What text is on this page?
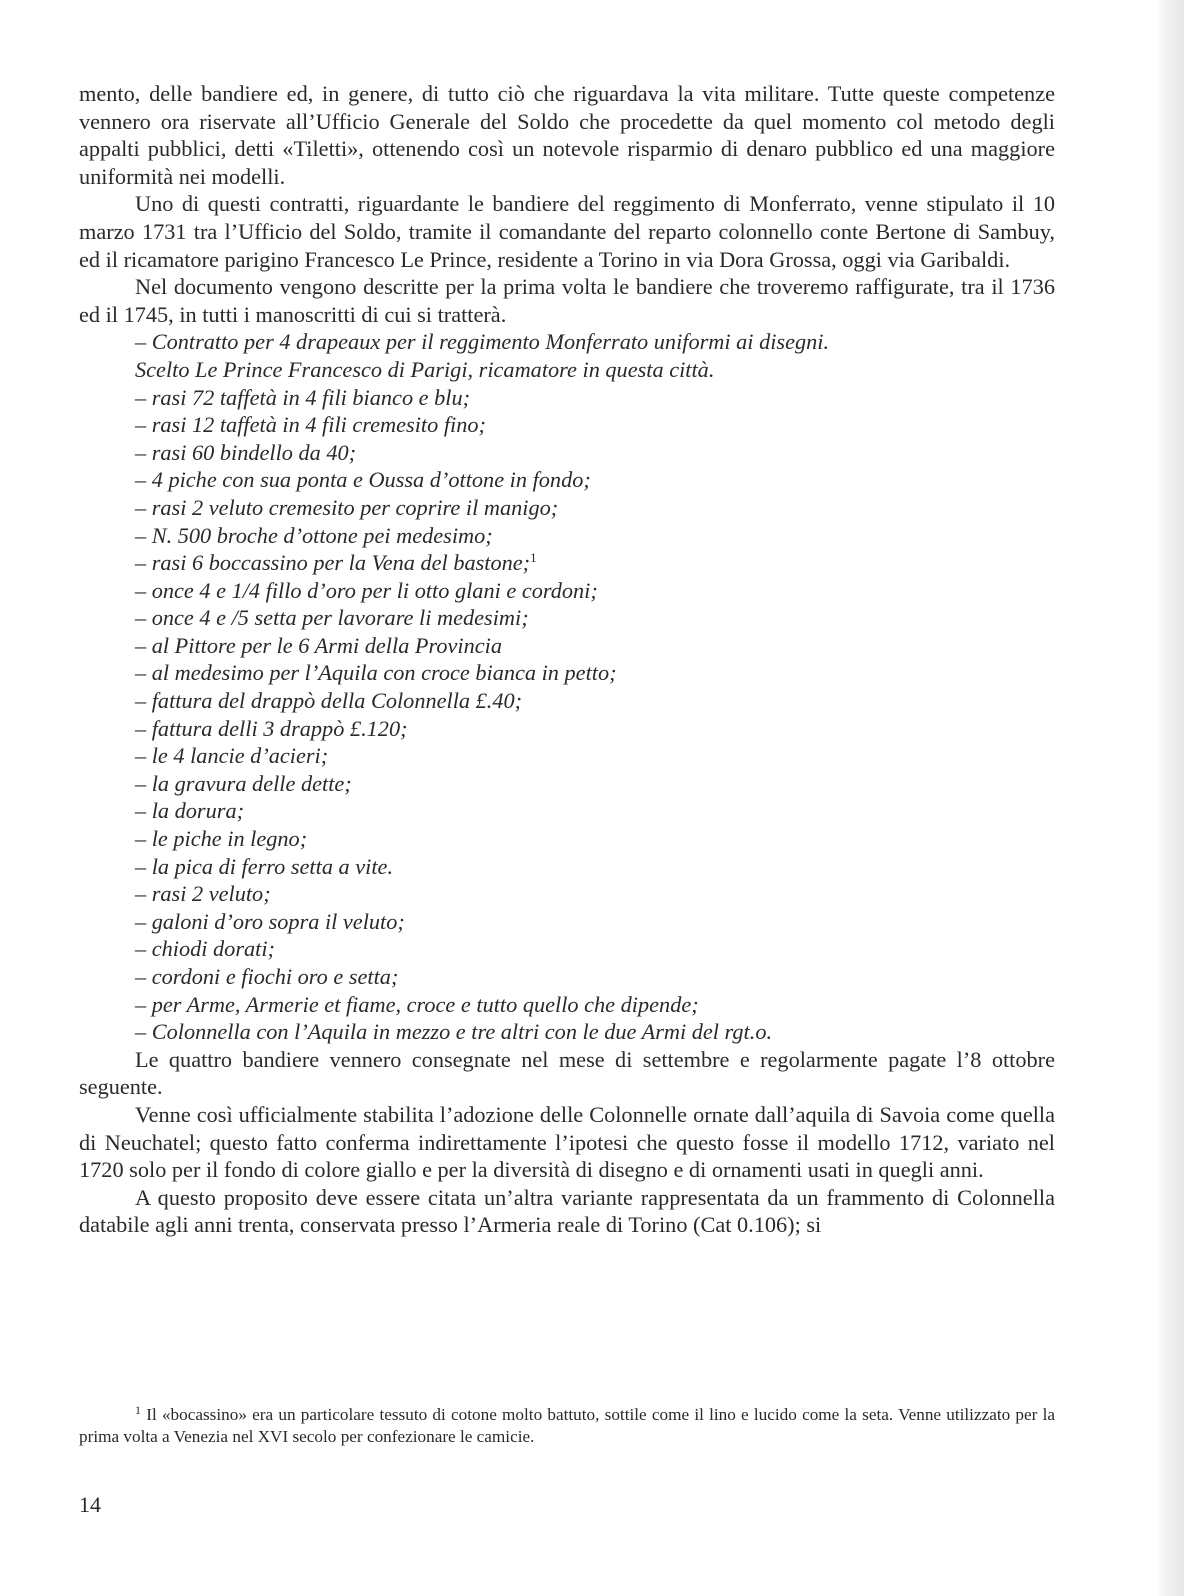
mento, delle bandiere ed, in genere, di tutto ciò che riguardava la vita militare. Tutte queste competenze vennero ora riservate all’Ufficio Generale del Soldo che procedette da quel momento col metodo degli appalti pubblici, detti «Tiletti», ottenendo così un notevole risparmio di denaro pubblico ed una maggiore uniformità nei modelli.

Uno di questi contratti, riguardante le bandiere del reggimento di Monferrato, venne stipulato il 10 marzo 1731 tra l’Ufficio del Soldo, tramite il comandante del reparto colonnello conte Bertone di Sambuy, ed il ricamatore parigino Francesco Le Prince, residente a Torino in via Dora Grossa, oggi via Garibaldi.

Nel documento vengono descritte per la prima volta le bandiere che troveremo raffigurate, tra il 1736 ed il 1745, in tutti i manoscritti di cui si tratterà.

– Contratto per 4 drapeaux per il reggimento Monferrato uniformi ai disegni.
Scelto Le Prince Francesco di Parigi, ricamatore in questa città.
– rasi 72 taffetà in 4 fili bianco e blu;
– rasi 12 taffetà in 4 fili cremesito fino;
– rasi 60 bindello da 40;
– 4 piche con sua ponta e Oussa d’ottone in fondo;
– rasi 2 veluto cremesito per coprire il manigo;
– N. 500 broche d’ottone pei medesimo;
– rasi 6 boccassino per la Vena del bastone;$^1$
– once 4 e 1/4 fillo d’oro per li otto glani e cordoni;
– once 4 e /5 setta per lavorare li medesimi;
– al Pittore per le 6 Armi della Provincia
– al medesimo per l’Aquila con croce bianca in petto;
– fattura del drappò della Colonnella £.40;
– fattura delli 3 drappò £.120;
– le 4 lancie d’acieri;
– la gravura delle dette;
– la dorura;
– le piche in legno;
– la pica di ferro setta a vite.
– rasi 2 veluto;
– galoni d’oro sopra il veluto;
– chiodi dorati;
– cordoni e fiochi oro e setta;
– per Arme, Armerie et fiame, croce e tutto quello che dipende;
– Colonnella con l’Aquila in mezzo e tre altri con le due Armi del rgt.o.

Le quattro bandiere vennero consegnate nel mese di settembre e regolarmente pagate l’8 ottobre seguente.

Venne così ufficialmente stabilita l’adozione delle Colonnelle ornate dall’aquila di Savoia come quella di Neuchatel; questo fatto conferma indirettamente l’ipotesi che questo fosse il modello 1712, variato nel 1720 solo per il fondo di colore giallo e per la diversità di disegno e di ornamenti usati in quegli anni.

A questo proposito deve essere citata un’altra variante rappresentata da un frammento di Colonnella databile agli anni trenta, conservata presso l’Armeria reale di Torino (Cat 0.106); si

$^1$ Il «bocassino» era un particolare tessuto di cotone molto battuto, sottile come il lino e lucido come la seta. Venne utilizzato per la prima volta a Venezia nel XVI secolo per confezionare le camicie.

14
